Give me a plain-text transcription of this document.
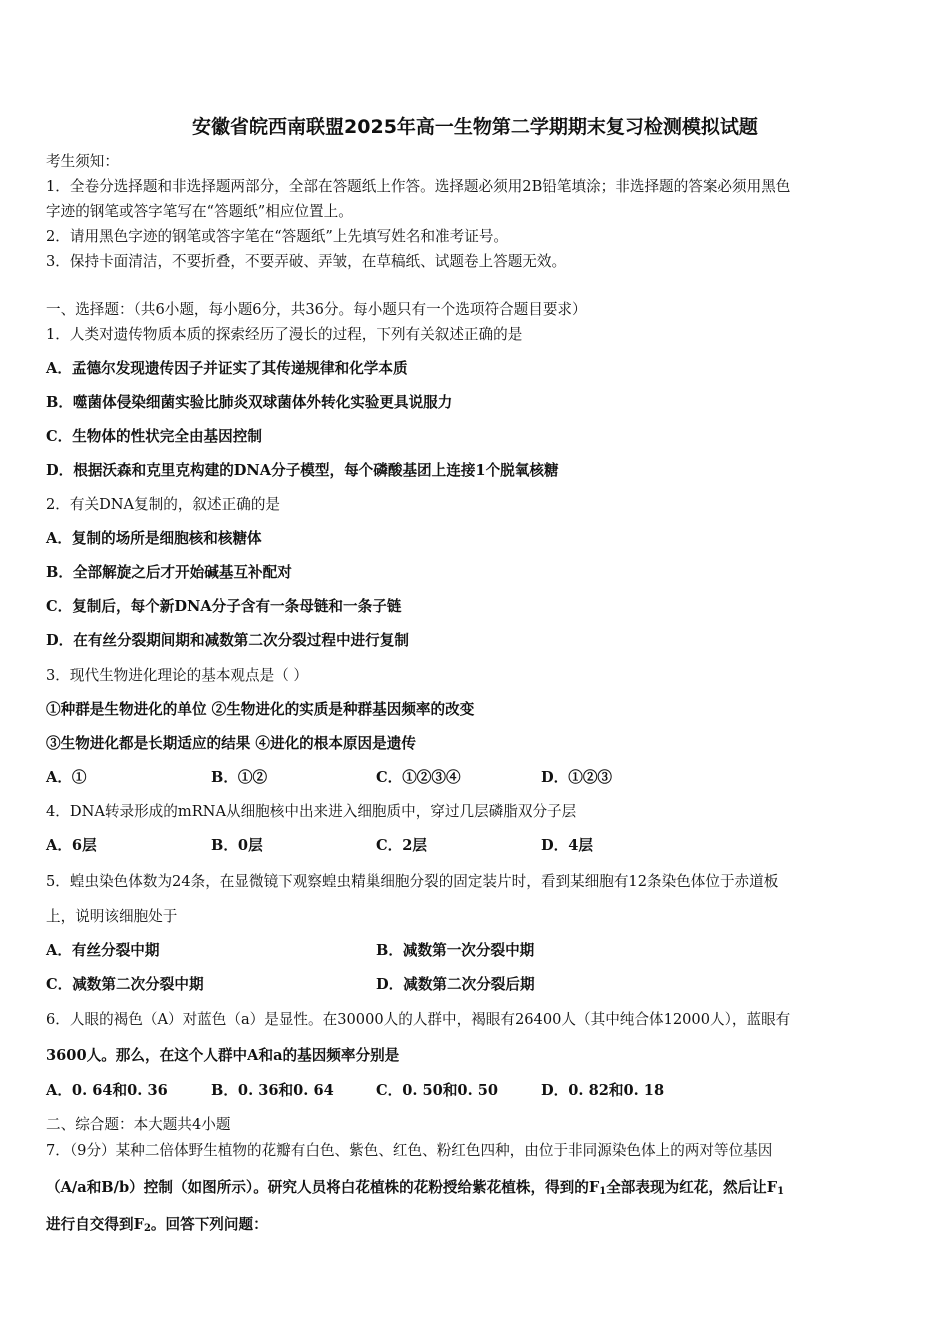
安徽省皖西南联盟2025年高一生物第二学期期末复习检测模拟试题
考生须知：
1．全卷分选择题和非选择题两部分，全部在答题纸上作答。选择题必须用2B铅笔填涂；非选择题的答案必须用黑色
字迹的钢笔或答字笔写在“答题纸”相应位置上。
2．请用黑色字迹的钢笔或答字笔在“答题纸”上先填写姓名和准考证号。
3．保持卡面清洁，不要折叠，不要弄破、弄皱，在草稿纸、试题卷上答题无效。
一、选择题：（共6小题，每小题6分，共36分。每小题只有一个选项符合题目要求）
1．人类对遗传物质本质的探索经历了漫长的过程，下列有关叙述正确的是
A．孟德尔发现遗传因子并证实了其传递规律和化学本质
B．噬菌体侵染细菌实验比肺炎双球菌体外转化实验更具说服力
C．生物体的性状完全由基因控制
D．根据沃森和克里克构建的DNA分子模型，每个磷酸基团上连接1个脱氧核糖
2．有关DNA复制的，叙述正确的是
A．复制的场所是细胞核和核糖体
B．全部解旋之后才开始碱基互补配对
C．复制后，每个新DNA分子含有一条母链和一条子链
D．在有丝分裂期间期和减数第二次分裂过程中进行复制
3．现代生物进化理论的基本观点是（ ）
①种群是生物进化的单位 ②生物进化的实质是种群基因频率的改变
③生物进化都是长期适应的结果 ④进化的根本原因是遗传
A．①	B．①②	C．①②③④	D．①②③
4．DNA转录形成的mRNA从细胞核中出来进入细胞质中，穿过几层磷脂双分子层
A．6层	B．0层	C．2层	D．4层
5．蝗虫染色体数为24条，在显微镜下观察蝗虫精巢细胞分裂的固定装片时，看到某细胞有12条染色体位于赤道板
上，说明该细胞处于
A．有丝分裂中期	B．减数第一次分裂中期
C．减数第二次分裂中期	D．减数第二次分裂后期
6．人眼的褐色（A）对蓝色（a）是显性。在30000人的人群中，褐眼有26400人（其中纯合体12000人），蓝眼有
3600人。那么，在这个人群中A和a的基因频率分别是
A．0. 64和0. 36	B．0. 36和0. 64	C．0. 50和0. 50	D．0. 82和0. 18
二、综合题：本大题共4小题
7．（9分）某种二倍体野生植物的花瓣有白色、紫色、红色、粉红色四种，由位于非同源染色体上的两对等位基因
（A/a和B/b）控制（如图所示）。研究人员将白花植株的花粉授给紫花植株，得到的$F_1$全部表现为红花，然后让$F_1$
进行自交得到$F_2$。回答下列问题：
